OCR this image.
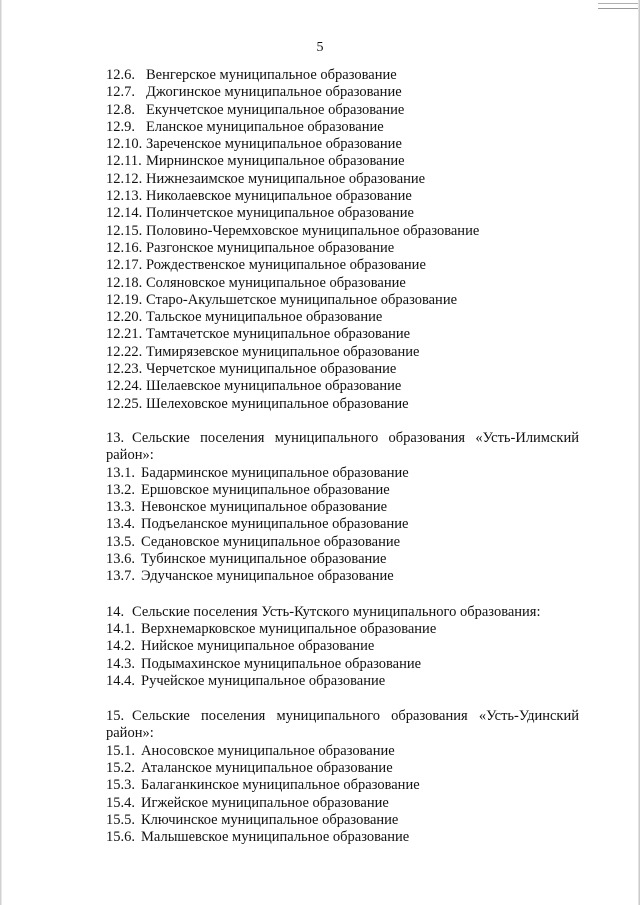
5
12.6. Венгерское муниципальное образование
12.7. Джогинское муниципальное образование
12.8. Екунчетское муниципальное образование
12.9. Еланское муниципальное образование
12.10. Зареченское муниципальное образование
12.11. Мирнинское муниципальное образование
12.12. Нижнезаимское муниципальное образование
12.13. Николаевское муниципальное образование
12.14. Полинчетское муниципальное образование
12.15. Половино-Черемховское муниципальное образование
12.16. Разгонское муниципальное образование
12.17. Рождественское муниципальное образование
12.18. Соляновское муниципальное образование
12.19. Старо-Акульшетское муниципальное образование
12.20. Тальское муниципальное образование
12.21. Тамтачетское муниципальное образование
12.22. Тимирязевское муниципальное образование
12.23. Черчетское муниципальное образование
12.24. Шелаевское муниципальное образование
12.25. Шелеховское муниципальное образование
13. Сельские поселения муниципального образования «Усть-Илимский район»:
13.1. Бадарминское муниципальное образование
13.2. Ершовское муниципальное образование
13.3. Невонское муниципальное образование
13.4. Подъеланское муниципальное образование
13.5. Седановское муниципальное образование
13.6. Тубинское муниципальное образование
13.7. Эдучанское муниципальное образование
14. Сельские поселения Усть-Кутского муниципального образования:
14.1. Верхнемарковское муниципальное образование
14.2. Нийское муниципальное образование
14.3. Подымахинское муниципальное образование
14.4. Ручейское муниципальное образование
15. Сельские поселения муниципального образования «Усть-Удинский район»:
15.1. Аносовское муниципальное образование
15.2. Аталанское муниципальное образование
15.3. Балаганкинское муниципальное образование
15.4. Игжейское муниципальное образование
15.5. Ключинское муниципальное образование
15.6. Малышевское муниципальное образование
